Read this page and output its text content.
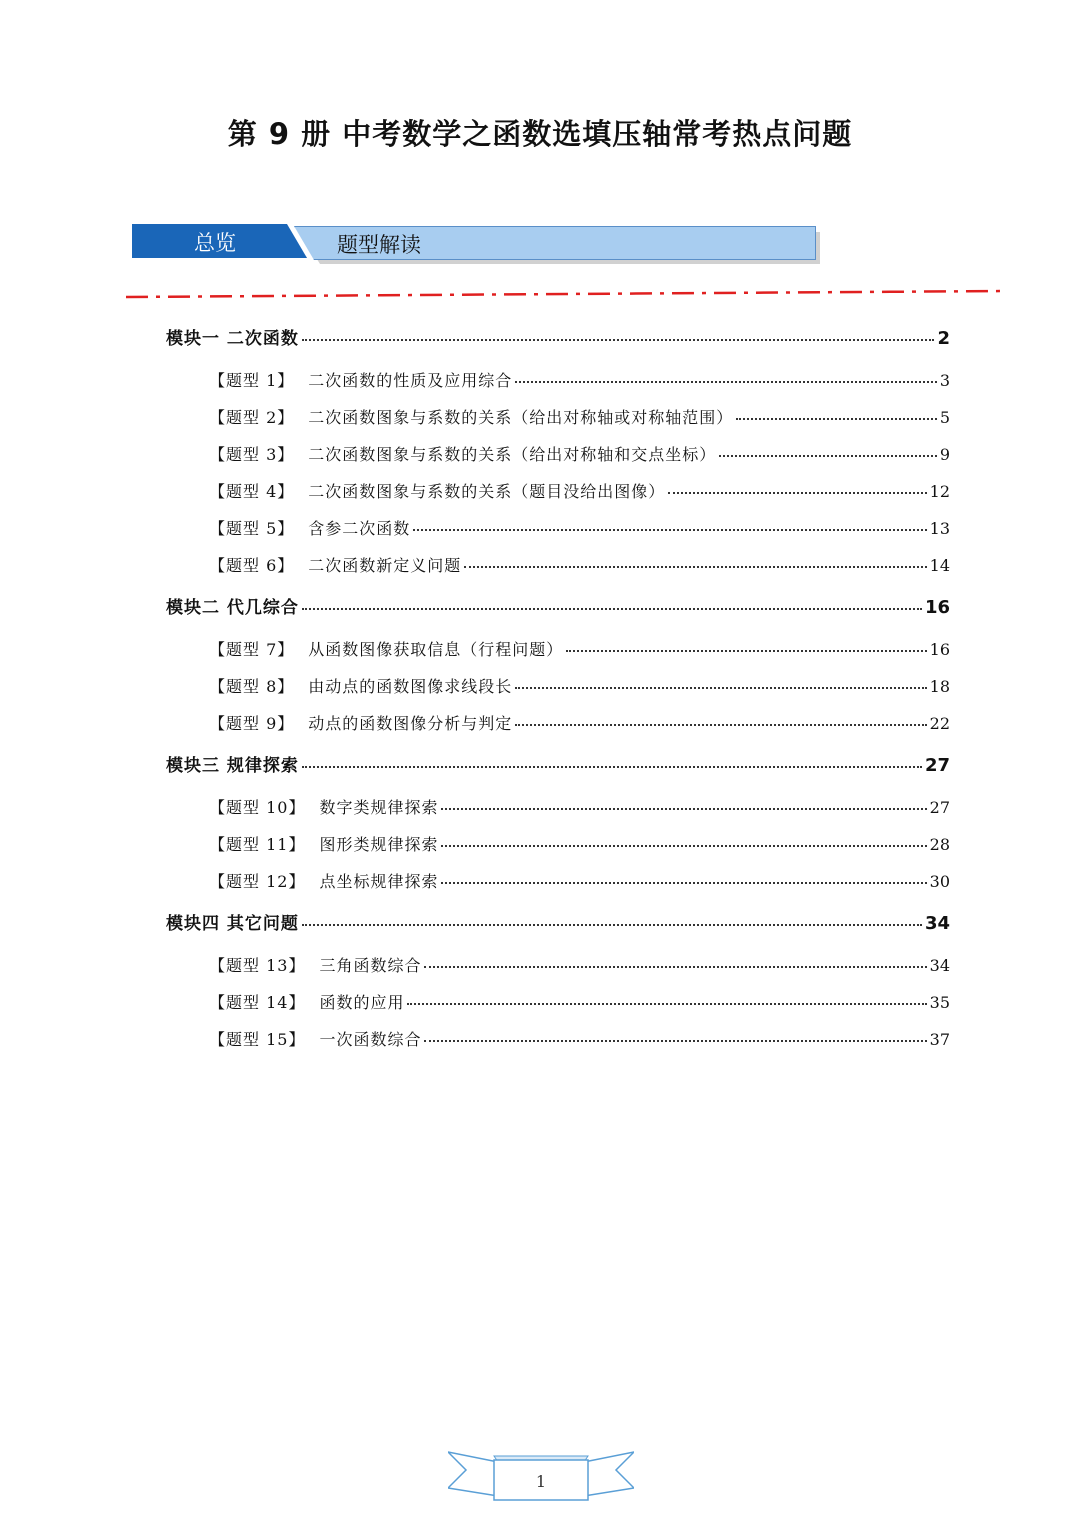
第 9 册 中考数学之函数选填压轴常考热点问题
总览	题型解读
模块一 二次函数	2
【题型 1】 二次函数的性质及应用综合	3
【题型 2】 二次函数图象与系数的关系（给出对称轴或对称轴范围）	5
【题型 3】 二次函数图象与系数的关系（给出对称轴和交点坐标）	9
【题型 4】 二次函数图象与系数的关系（题目没给出图像）	12
【题型 5】 含参二次函数	13
【题型 6】 二次函数新定义问题	14
模块二 代几综合	16
【题型 7】 从函数图像获取信息（行程问题）	16
【题型 8】 由动点的函数图像求线段长	18
【题型 9】 动点的函数图像分析与判定	22
模块三 规律探索	27
【题型 10】 数字类规律探索	27
【题型 11】 图形类规律探索	28
【题型 12】 点坐标规律探索	30
模块四 其它问题	34
【题型 13】 三角函数综合	34
【题型 14】 函数的应用	35
【题型 15】 一次函数综合	37
1
